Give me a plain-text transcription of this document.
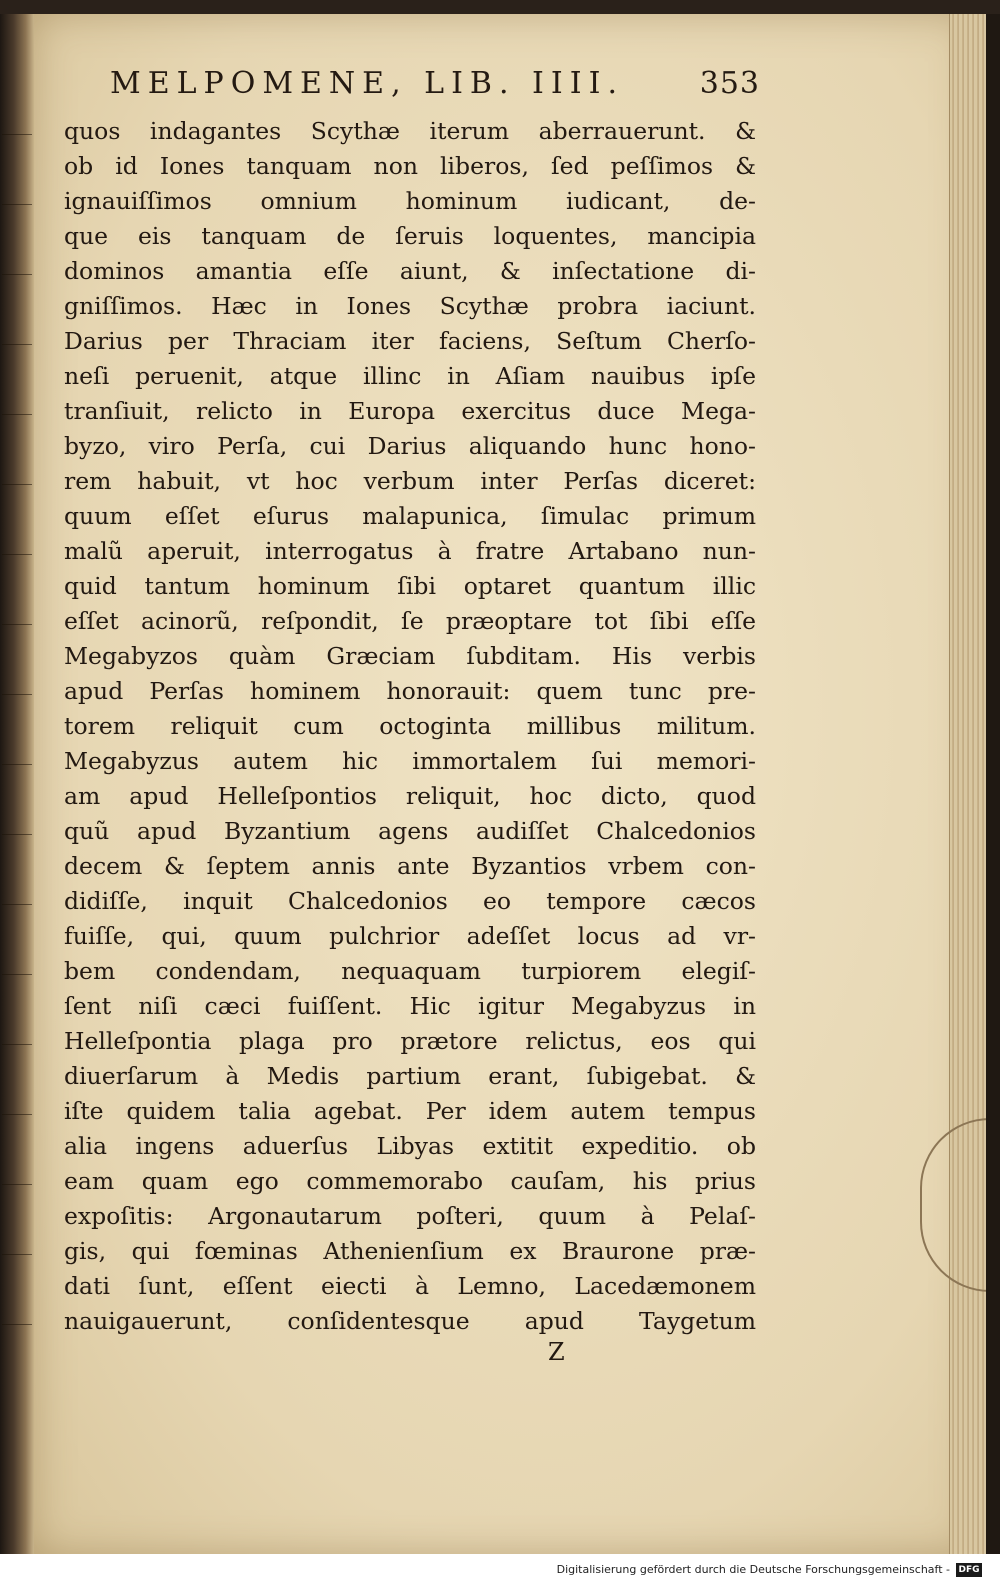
MELPOMENE, LIB. IIII.	353
quos indagantes Scythæ iterum aberrauerunt. &
ob id Iones tanquam non liberos, ſed peſſimos &
ignauiſſimos omnium hominum iudicant, de-
que eis tanquam de ſeruis loquentes, mancipia
dominos amantia eſſe aiunt, & inſectatione di-
gniſſimos. Hæc in Iones Scythæ probra iaciunt.
Darius per Thraciam iter faciens, Seſtum Cherſo-
neſi peruenit, atque illinc in Aſiam nauibus ipſe
tranſiuit, relicto in Europa exercitus duce Mega-
byzo, viro Perſa, cui Darius aliquando hunc hono-
rem habuit, vt hoc verbum inter Perſas diceret:
quum eſſet eſurus malapunica, ſimulac primum
malũ aperuit, interrogatus à fratre Artabano nun-
quid tantum hominum ſibi optaret quantum illic
eſſet acinorũ, reſpondit, ſe præoptare tot ſibi eſſe
Megabyzos quàm Græciam ſubditam. His verbis
apud Perſas hominem honorauit: quem tunc pre-
torem reliquit cum octoginta millibus militum.
Megabyzus autem hic immortalem ſui memori-
am apud Helleſpontios reliquit, hoc dicto, quod
quũ apud Byzantium agens audiſſet Chalcedonios
decem & ſeptem annis ante Byzantios vrbem con-
didiſſe, inquit Chalcedonios eo tempore cæcos
fuiſſe, qui, quum pulchrior adeſſet locus ad vr-
bem condendam, nequaquam turpiorem elegiſ-
ſent niſi cæci fuiſſent. Hic igitur Megabyzus in
Helleſpontia plaga pro prætore relictus, eos qui
diuerſarum à Medis partium erant, ſubigebat. &
iſte quidem talia agebat. Per idem autem tempus
alia ingens aduerſus Libyas extitit expeditio. ob
eam quam ego commemorabo cauſam, his prius
expoſitis: Argonautarum poſteri, quum à Pelaſ-
gis, qui fœminas Athenienſium ex Braurone præ-
dati ſunt, eſſent eiecti à Lemno, Lacedæmonem
nauigauerunt, conſidentesque apud Taygetum
Z
Digitalisierung gefördert durch die Deutsche Forschungsgemeinschaft - DFG
